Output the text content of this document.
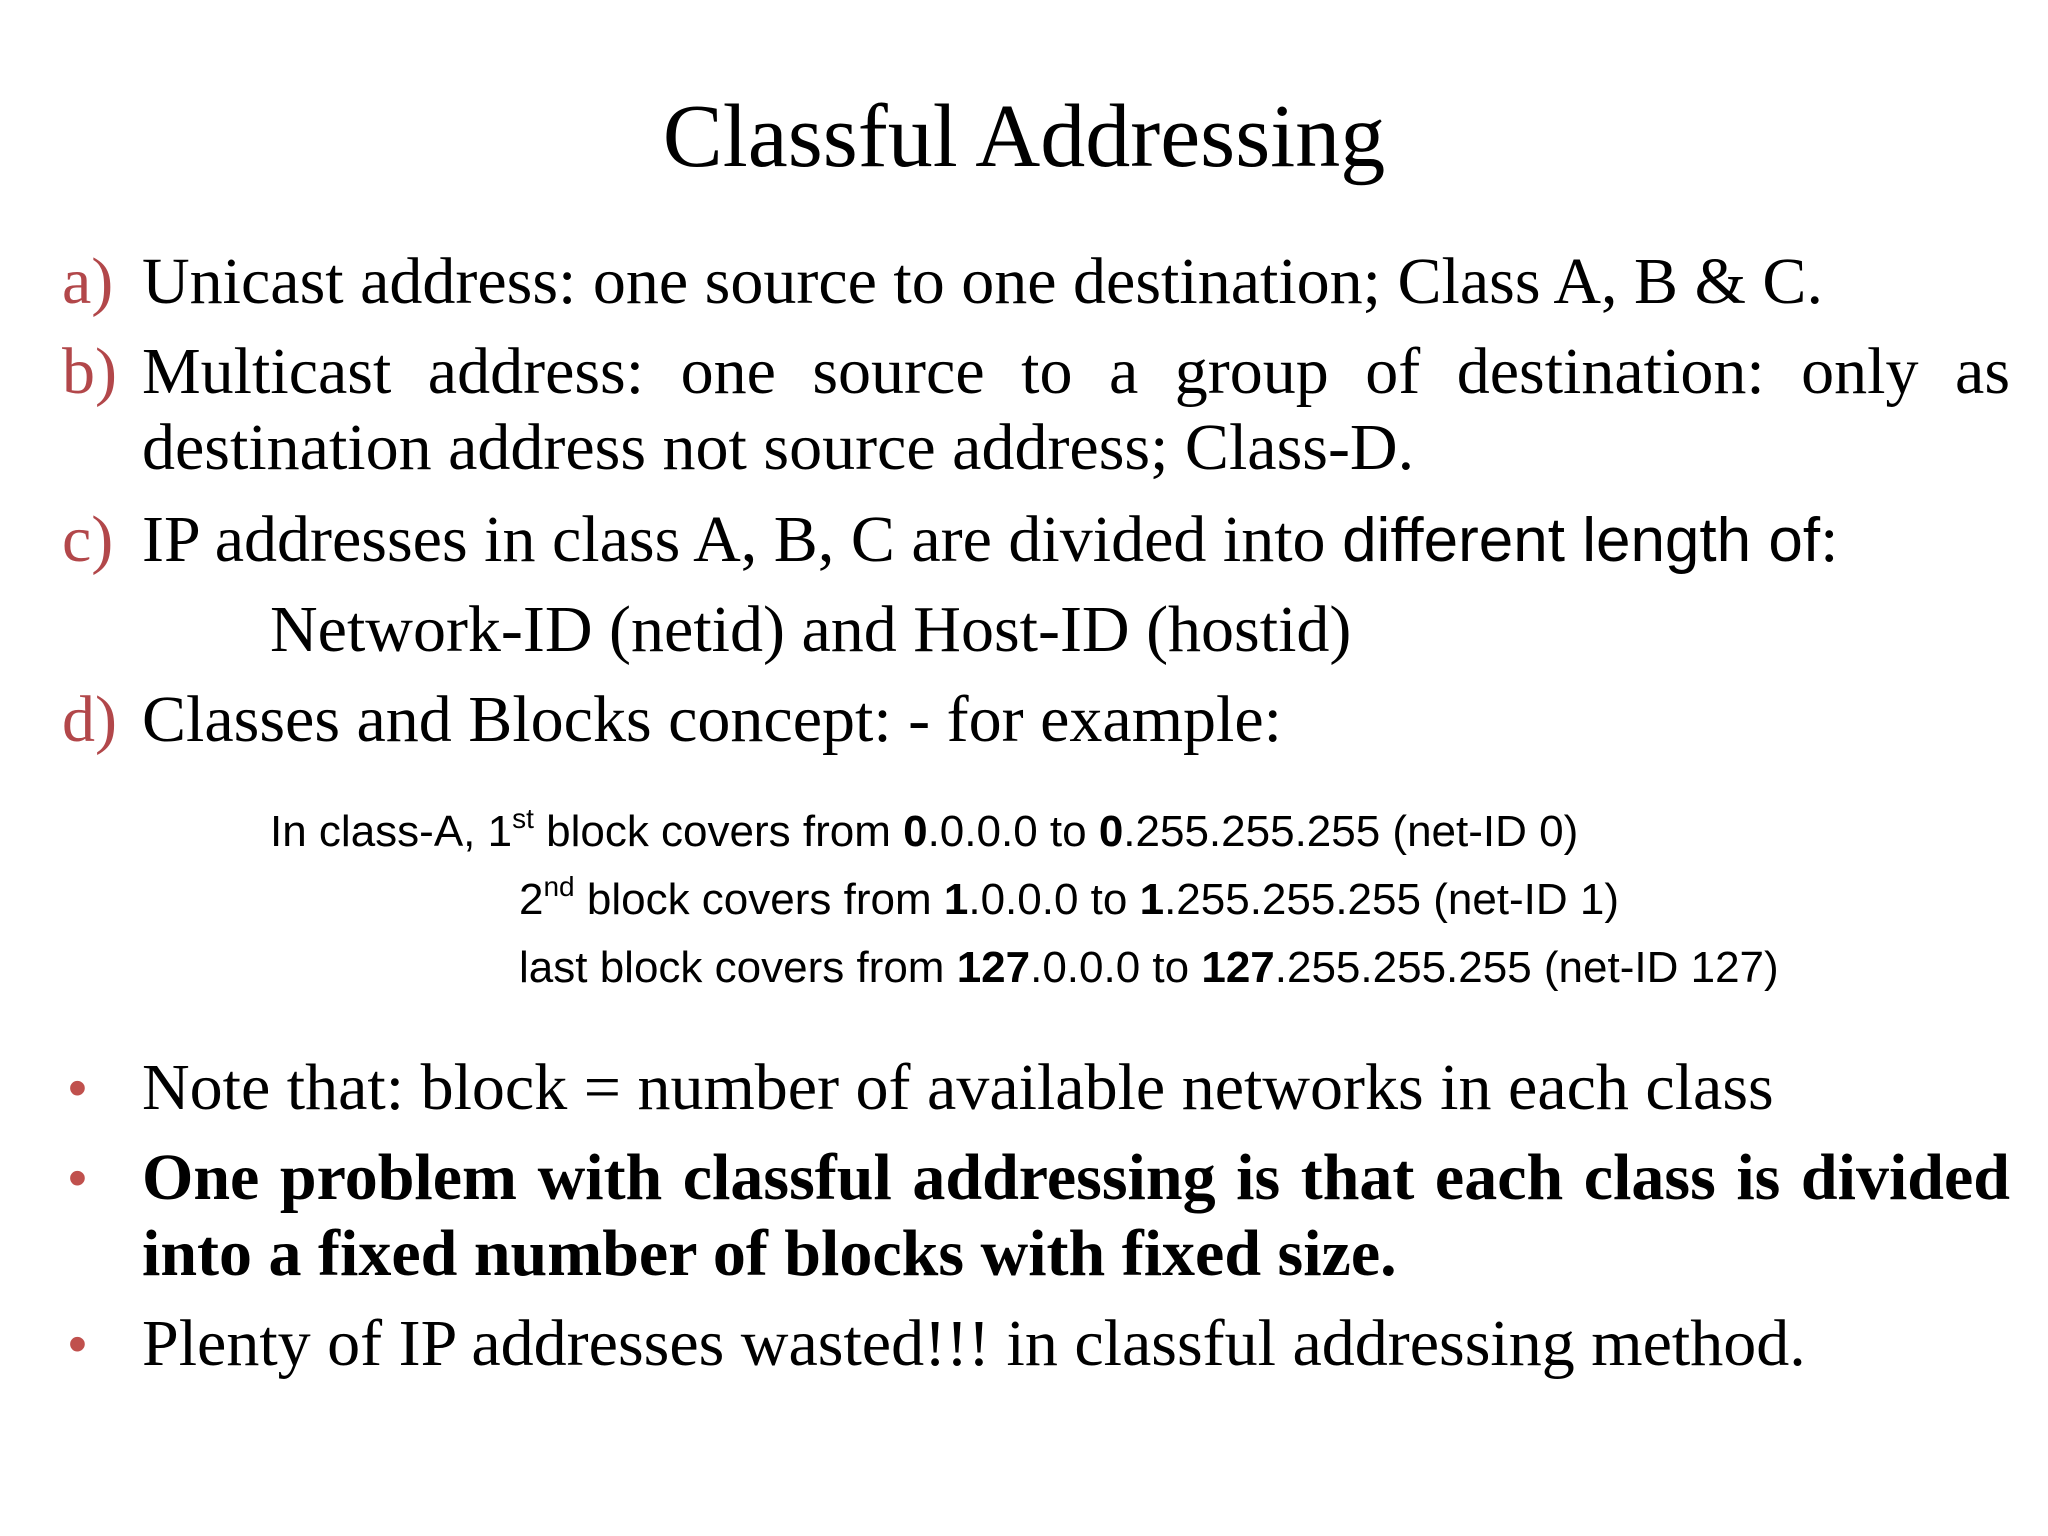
Classful Addressing
a) Unicast address: one source to one destination; Class A, B & C.
b) Multicast address: one source to a group of destination: only as destination address not source address; Class-D.
c) IP addresses in class A, B, C are divided into different length of:
Network-ID (netid) and Host-ID (hostid)
d) Classes and Blocks concept: - for example:
In class-A, 1st block covers from 0.0.0.0 to 0.255.255.255 (net-ID 0)
2nd block covers from 1.0.0.0 to 1.255.255.255 (net-ID 1)
last block covers from 127.0.0.0 to 127.255.255.255 (net-ID 127)
• Note that: block = number of available networks in each class
• One problem with classful addressing is that each class is divided into a fixed number of blocks with fixed size.
• Plenty of IP addresses wasted!!! in classful addressing method.
